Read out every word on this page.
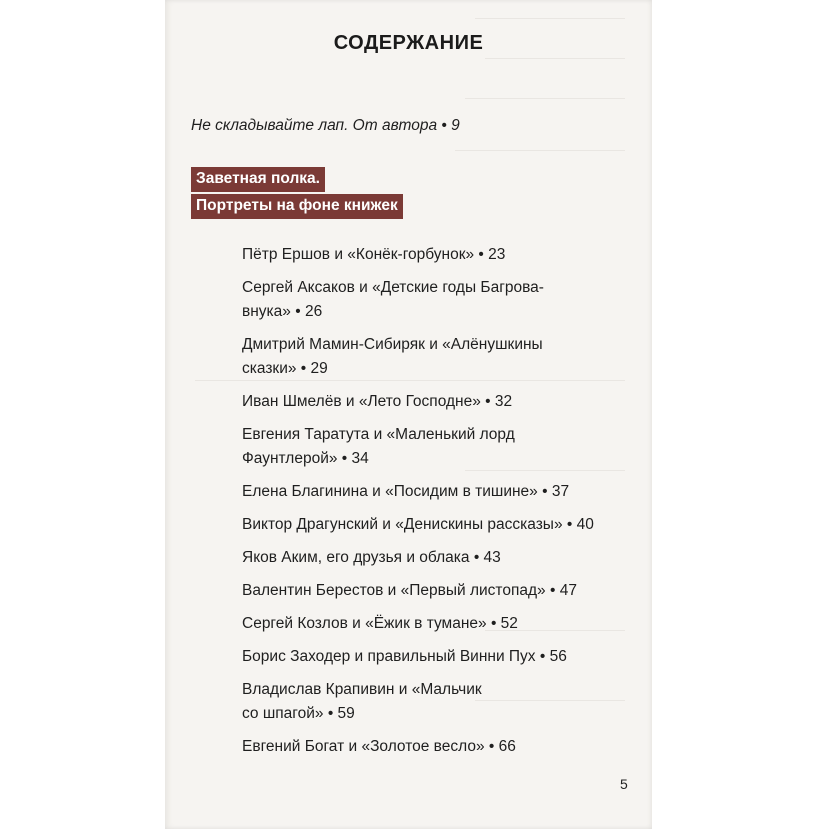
СОДЕРЖАНИЕ
Не складывайте лап. От автора • 9
Заветная полка.
Портреты на фоне книжек
Пётр Ершов и «Конёк-горбунок» • 23
Сергей Аксаков и «Детские годы Багрова-
внука» • 26
Дмитрий Мамин-Сибиряк и «Алёнушкины
сказки» • 29
Иван Шмелёв и «Лето Господне» • 32
Евгения Таратута и «Маленький лорд
Фаунтлерой» • 34
Елена Благинина и «Посидим в тишине» • 37
Виктор Драгунский и «Денискины рассказы» • 40
Яков Аким, его друзья и облака • 43
Валентин Берестов и «Первый листопад» • 47
Сергей Козлов и «Ёжик в тумане» • 52
Борис Заходер и правильный Винни Пух • 56
Владислав Крапивин и «Мальчик
со шпагой» • 59
Евгений Богат и «Золотое весло» • 66
5
